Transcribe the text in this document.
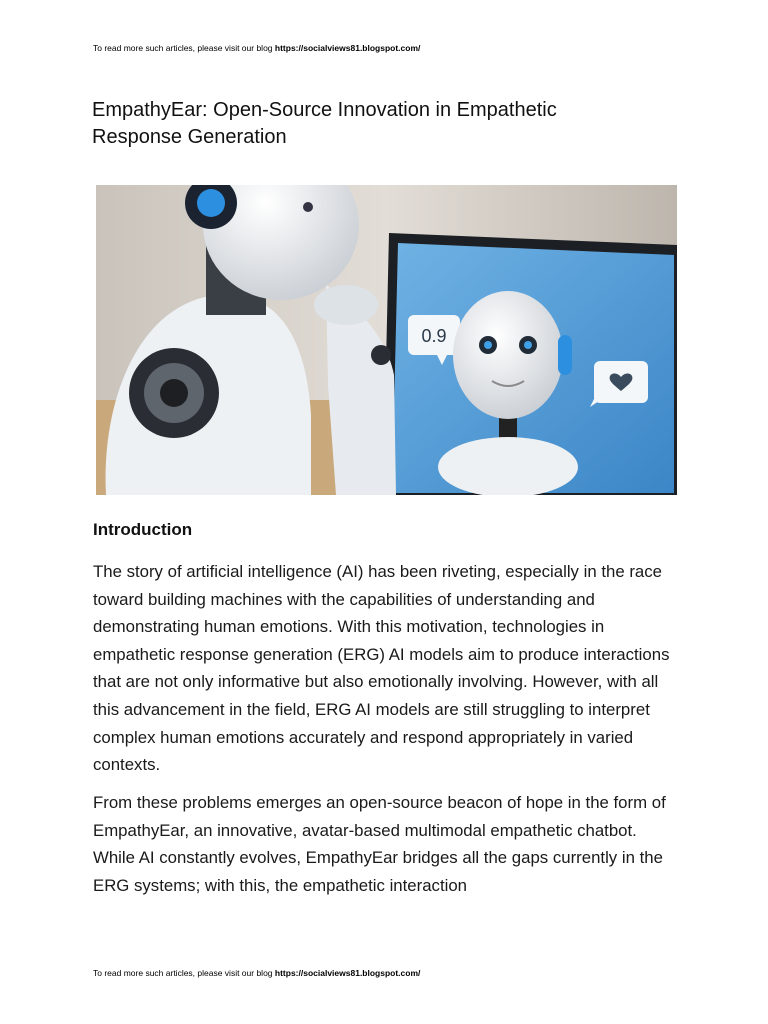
To read more such articles, please visit our blog https://socialviews81.blogspot.com/
EmpathyEar: Open-Source Innovation in Empathetic Response Generation
0.9
Introduction

The story of artificial intelligence (AI) has been riveting, especially in the race toward building machines with the capabilities of understanding and demonstrating human emotions. With this motivation, technologies in empathetic response generation (ERG) AI models aim to produce interactions that are not only informative but also emotionally involving. However, with all this advancement in the field, ERG AI models are still struggling to interpret complex human emotions accurately and respond appropriately in varied contexts.

From these problems emerges an open-source beacon of hope in the form of EmpathyEar, an innovative, avatar-based multimodal empathetic chatbot. While AI constantly evolves, EmpathyEar bridges all the gaps currently in the ERG systems; with this, the empathetic interaction

To read more such articles, please visit our blog https://socialviews81.blogspot.com/
